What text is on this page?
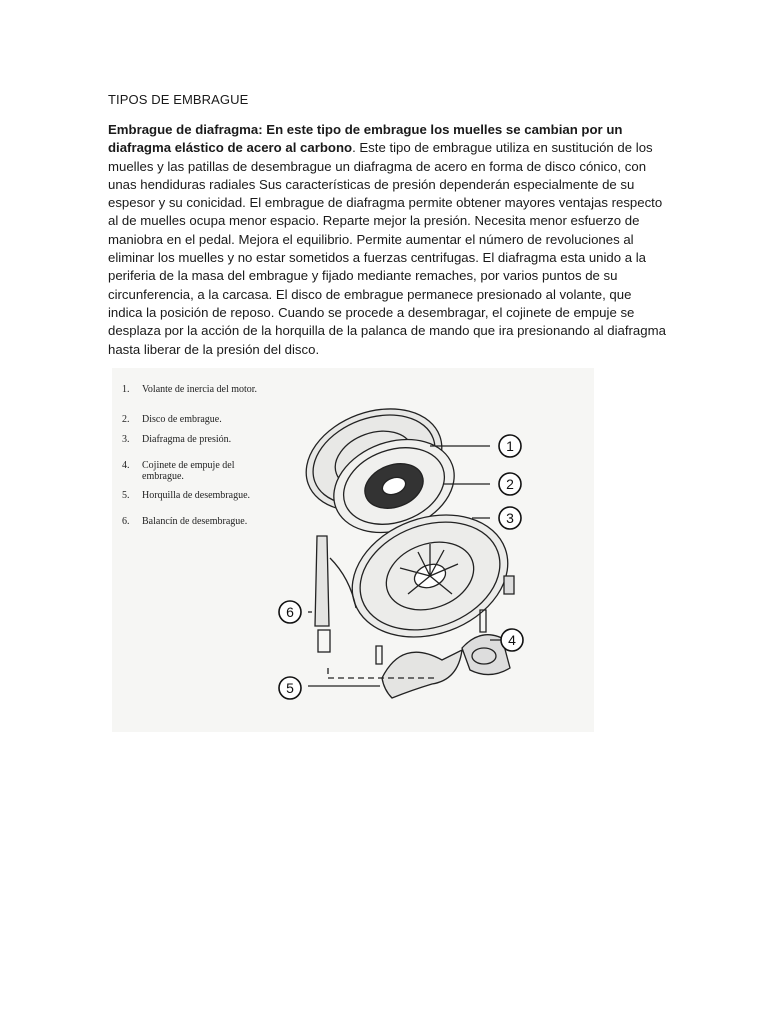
TIPOS DE EMBRAGUE
Embrague de diafragma: En este tipo de embrague los muelles se cambian por un diafragma elástico de acero al carbono. Este tipo de embrague utiliza en sustitución de los muelles y las patillas de desembrague un diafragma de acero en forma de disco cónico, con unas hendiduras radiales Sus características de presión dependerán especialmente de su espesor y su conicidad. El embrague de diafragma permite obtener mayores ventajas respecto al de muelles ocupa menor espacio. Reparte mejor la presión. Necesita menor esfuerzo de maniobra en el pedal. Mejora el equilibrio. Permite aumentar el número de revoluciones al eliminar los muelles y no estar sometidos a fuerzas centrifugas. El diafragma esta unido a la periferia de la masa del embrague y fijado mediante remaches, por varios puntos de su circunferencia, a la carcasa. El disco de embrague permanece presionado al volante, que indica la posición de reposo. Cuando se procede a desembragar, el cojinete de empuje se desplaza por la acción de la horquilla de la palanca de mando que ira presionando al diafragma hasta liberar de la presión del disco.
1
2
3
4
5
6
1.	Volante de inercia del motor.
2.	Disco de embrague.
3.	Diafragma de presión.
4.	Cojinete de empuje del embrague.
5.	Horquilla de desembrague.
6.	Balancín de desembrague.
